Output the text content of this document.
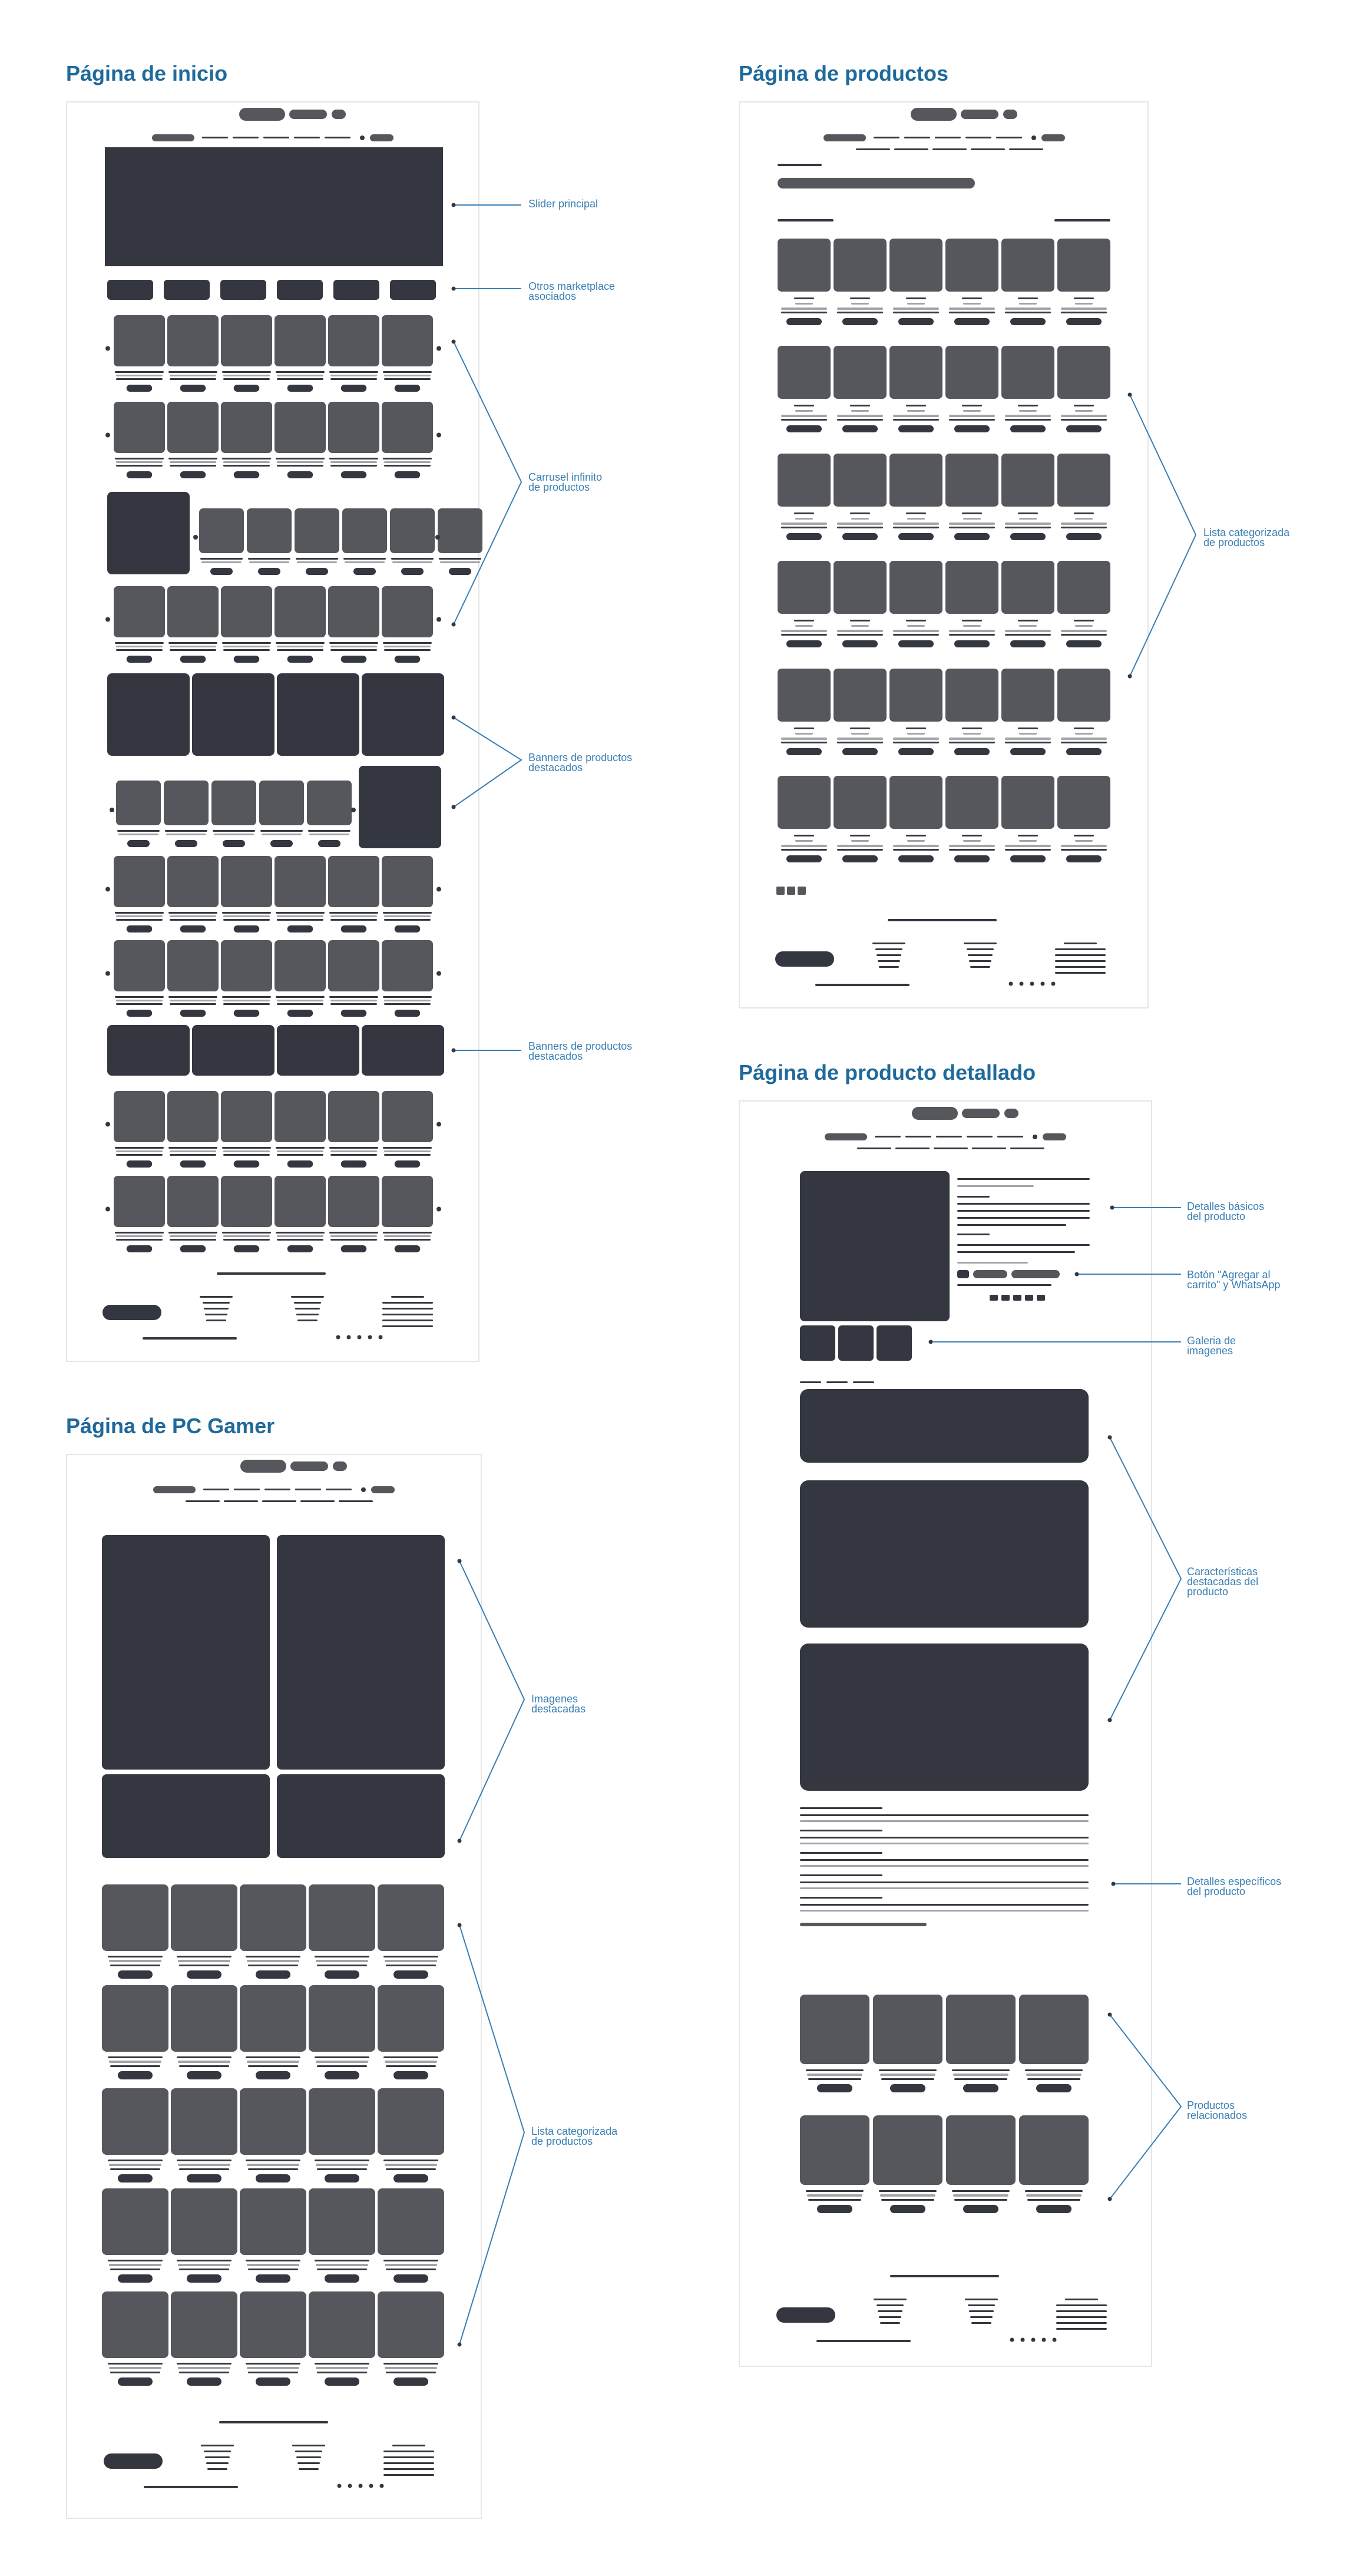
Página de inicio	Página de productos
Página de producto detallado
Página de PC Gamer
Slider principal
Otros marketplace
asociados
Carrusel infinito
de productos
Banners de productos
destacados
Banners de productos
destacados
Lista categorizada
de productos
Imagenes
destacadas
Lista categorizada
de productos
Detalles básicos
del producto
Botón "Agregar al
carrito" y WhatsApp
Galeria de
imagenes
Características
destacadas del
producto
Detalles específicos
del producto
Productos
relacionados
